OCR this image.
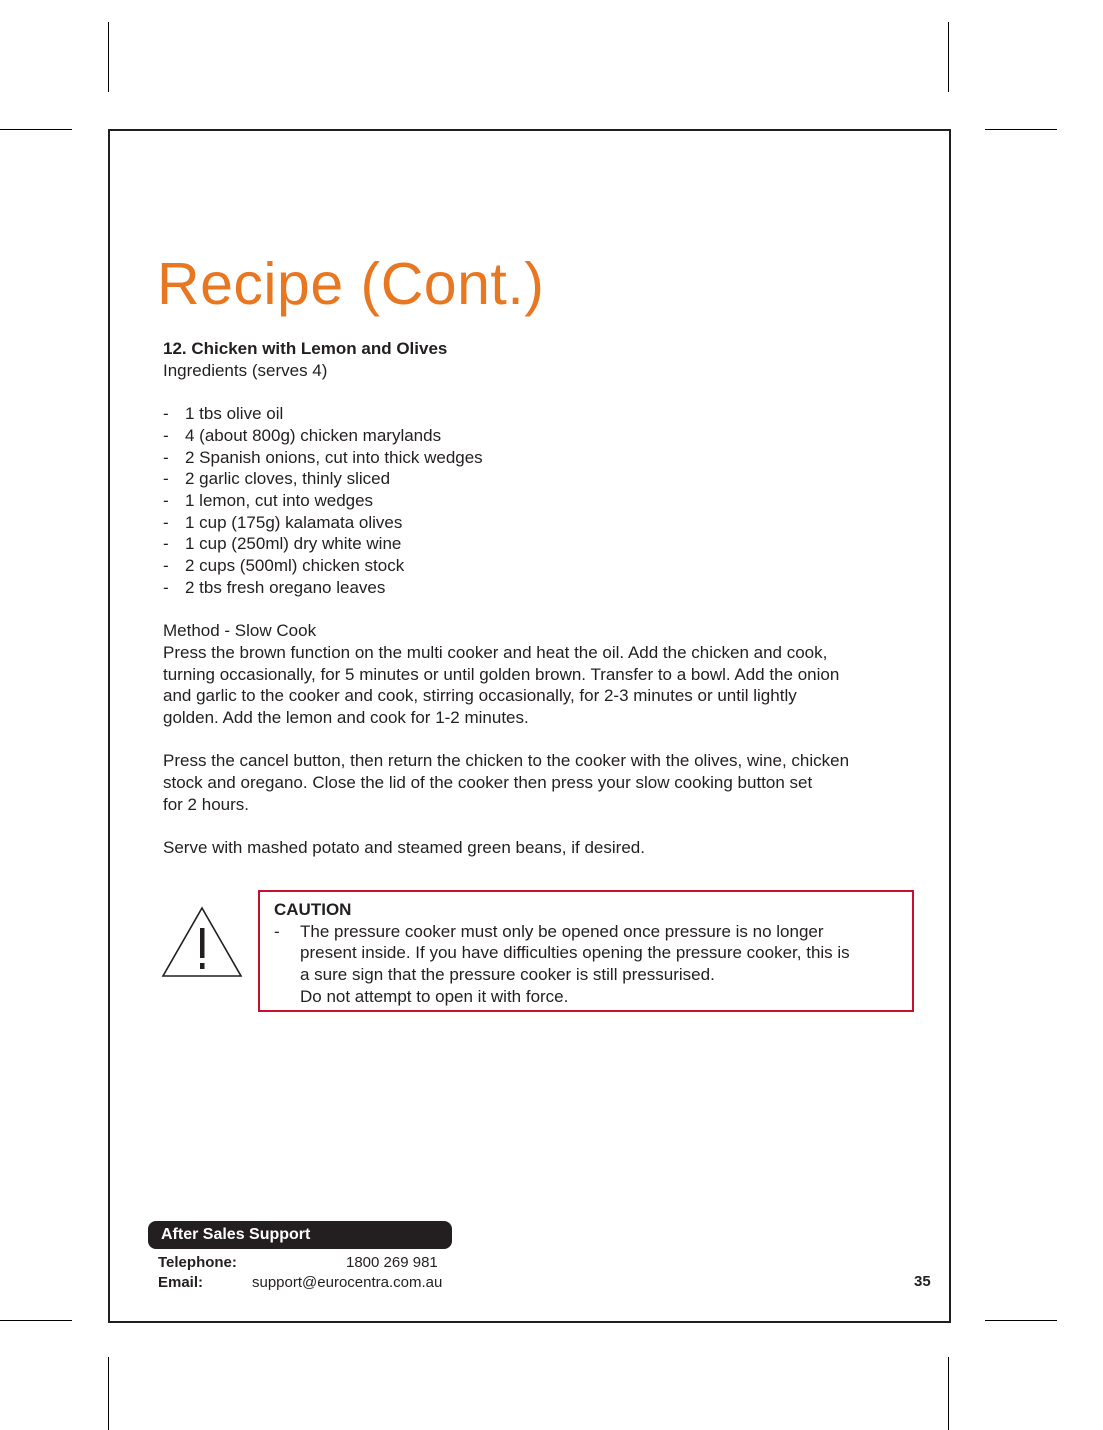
Recipe (Cont.)

12. Chicken with Lemon and Olives

Ingredients (serves 4)

- 1 tbs olive oil
- 4 (about 800g) chicken marylands
- 2 Spanish onions, cut into thick wedges
- 2 garlic cloves, thinly sliced
- 1 lemon, cut into wedges
- 1 cup (175g) kalamata olives
- 1 cup (250ml) dry white wine
- 2 cups (500ml) chicken stock
- 2 tbs fresh oregano leaves

Method - Slow Cook

Press the brown function on the multi cooker and heat the oil. Add the chicken and cook,

turning occasionally, for 5 minutes or until golden brown. Transfer to a bowl. Add the onion

and garlic to the cooker and cook, stirring occasionally, for 2-3 minutes or until lightly

golden. Add the lemon and cook for 1-2 minutes.

Press the cancel button, then return the chicken to the cooker with the olives, wine, chicken

stock and oregano. Close the lid of the cooker then press your slow cooking button set

for 2 hours.

Serve with mashed potato and steamed green beans, if desired.

CAUTION

-	The pressure cooker must only be opened once pressure is no longer

present inside. If you have difficulties opening the pressure cooker, this is

a sure sign that the pressure cooker is still pressurised.

Do not attempt to open it with force.

After Sales Support
Telephone:	1800 269 981
Email:	support@eurocentra.com.au	35
